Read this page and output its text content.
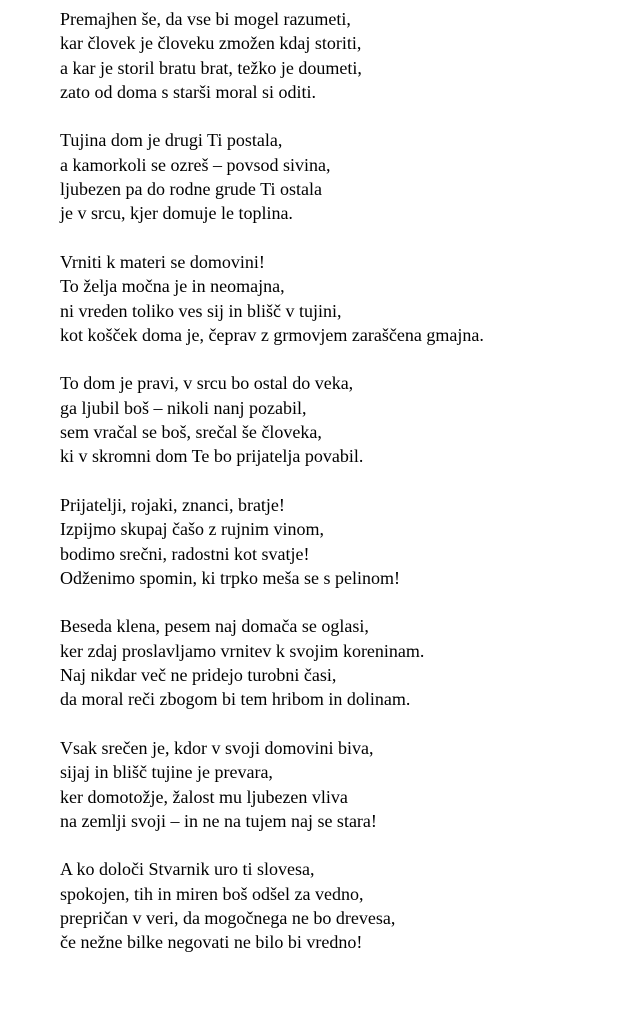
Premajhen še, da vse bi mogel razumeti,
kar človek je človeku zmožen kdaj storiti,
a kar je storil bratu brat, težko je doumeti,
zato od doma s starši moral si oditi.
Tujina dom je drugi Ti postala,
a kamorkoli se ozreš – povsod sivina,
ljubezen pa do rodne grude Ti ostala
je v srcu, kjer domuje le toplina.
Vrniti k materi se domovini!
To želja močna je in neomajna,
ni vreden toliko ves sij in blišč v tujini,
kot košček doma je, čeprav z grmovjem zaraščena gmajna.
To dom je pravi, v srcu bo ostal do veka,
ga ljubil boš – nikoli nanj pozabil,
sem vračal se boš, srečal še človeka,
ki v skromni dom Te bo prijatelja povabil.
Prijatelji, rojaki, znanci, bratje!
Izpijmo skupaj čašo z rujnim vinom,
bodimo srečni, radostni kot svatje!
Odženimo spomin, ki trpko meša se s pelinom!
Beseda klena, pesem naj domača se oglasi,
ker zdaj proslavljamo vrnitev k svojim koreninam.
Naj nikdar več ne pridejo turobni časi,
da moral reči zbogom bi tem hribom in dolinam.
Vsak srečen je, kdor v svoji domovini biva,
sijaj in blišč tujine je prevara,
ker domotožje, žalost mu ljubezen vliva
na zemlji svoji – in ne na tujem naj se stara!
A ko določi Stvarnik uro ti slovesa,
spokojen, tih in miren boš odšel za vedno,
prepričan v veri, da mogočnega ne bo drevesa,
če nežne bilke negovati ne bilo bi vredno!
